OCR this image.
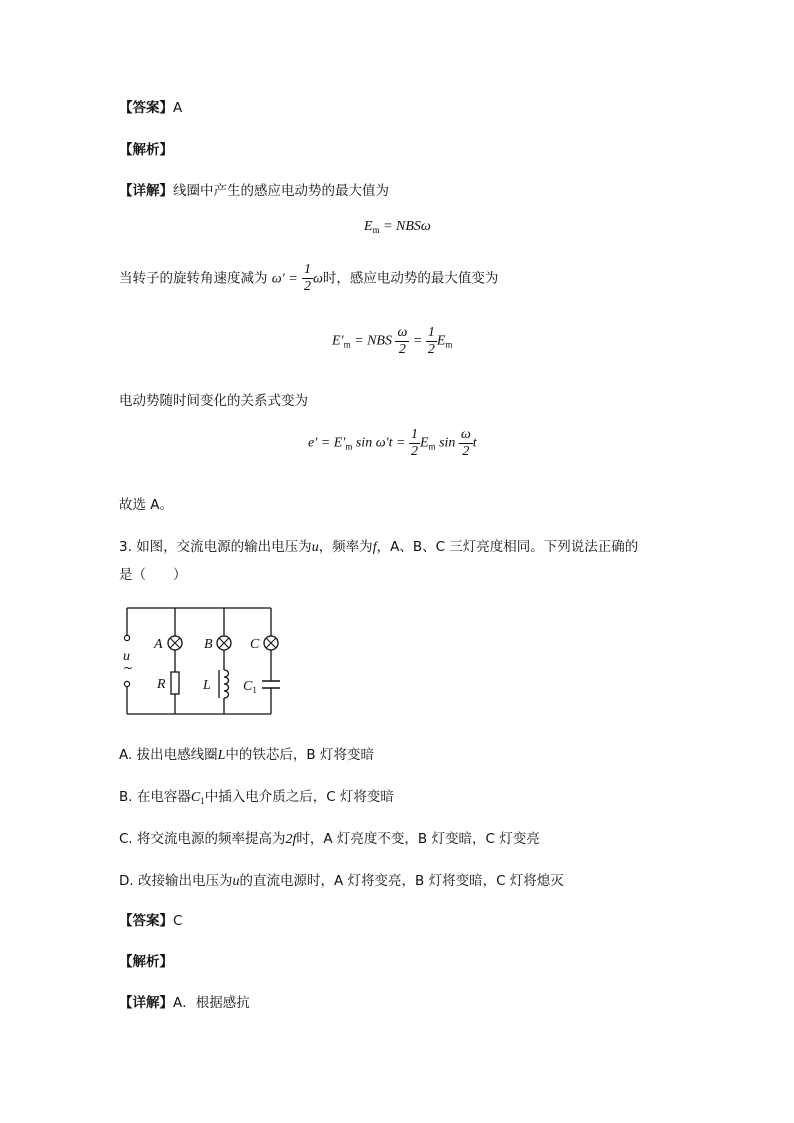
【答案】A
【解析】
【详解】线圈中产生的感应电动势的最大值为
$E_m = NBS\omega$
当转子的旋转角速度减为 $\omega' = \frac{1}{2}$ ω时，感应电动势的最大值变为
$E'_m$ = NBS $\frac{\omega}{2} = \frac{1}{2} E_m$
电动势随时间变化的关系式变为
$e' = E'_m$ $\sin \omega't = \frac{1}{2} E_m$ $\sin \frac{\omega}{2}$ t
故选 A。
3. 如图，交流电源的输出电压为u，频率为f，A、B、C 三灯亮度相同。下列说法正确的
是（　　）
A	B	C
u
R	L $C_1$
~
A. 拔出电感线圈L中的铁芯后，B 灯将变暗
B. 在电容器$C_1$中插入电介质之后，C 灯将变暗
C. 将交流电源的频率提高为2f时，A 灯亮度不变，B 灯变暗，C 灯变亮
D. 改接输出电压为u的直流电源时，A 灯将变亮，B 灯将变暗，C 灯将熄灭
【答案】C
【解析】
【详解】A．根据感抗
